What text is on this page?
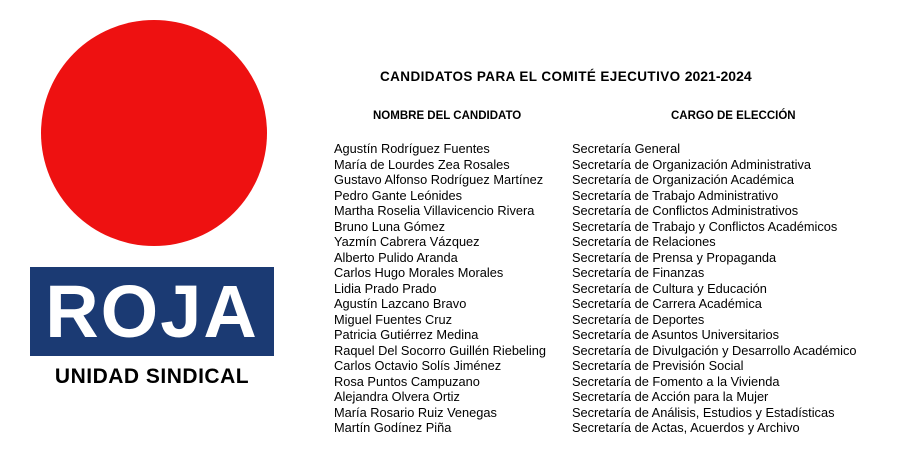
ROJA
UNIDAD SINDICAL
CANDIDATOS PARA EL COMITÉ EJECUTIVO 2021-2024
NOMBRE DEL CANDIDATO	CARGO DE ELECCIÓN
Agustín Rodríguez Fuentes
María de Lourdes Zea Rosales
Gustavo Alfonso Rodríguez Martínez
Pedro Gante Leónides
Martha Roselia Villavicencio Rivera
Bruno Luna Gómez
Yazmín Cabrera Vázquez
Alberto Pulido Aranda
Carlos Hugo Morales Morales
Lidia Prado Prado
Agustín Lazcano Bravo
Miguel Fuentes Cruz
Patricia Gutiérrez Medina
Raquel Del Socorro Guillén Riebeling
Carlos Octavio Solís Jiménez
Rosa Puntos Campuzano
Alejandra Olvera Ortiz
María Rosario Ruiz Venegas
Martín Godínez Piña
Secretaría General
Secretaría de Organización Administrativa
Secretaría de Organización Académica
Secretaría de Trabajo Administrativo
Secretaría de Conflictos Administrativos
Secretaría de Trabajo y Conflictos Académicos
Secretaría de Relaciones
Secretaría de Prensa y Propaganda
Secretaría de Finanzas
Secretaría de Cultura y Educación
Secretaría de Carrera Académica
Secretaría de Deportes
Secretaría de Asuntos Universitarios
Secretaría de Divulgación y Desarrollo Académico
Secretaría de Previsión Social
Secretaría de Fomento a la Vivienda
Secretaría de Acción para la Mujer
Secretaría de Análisis, Estudios y Estadísticas
Secretaría de Actas, Acuerdos y Archivo
